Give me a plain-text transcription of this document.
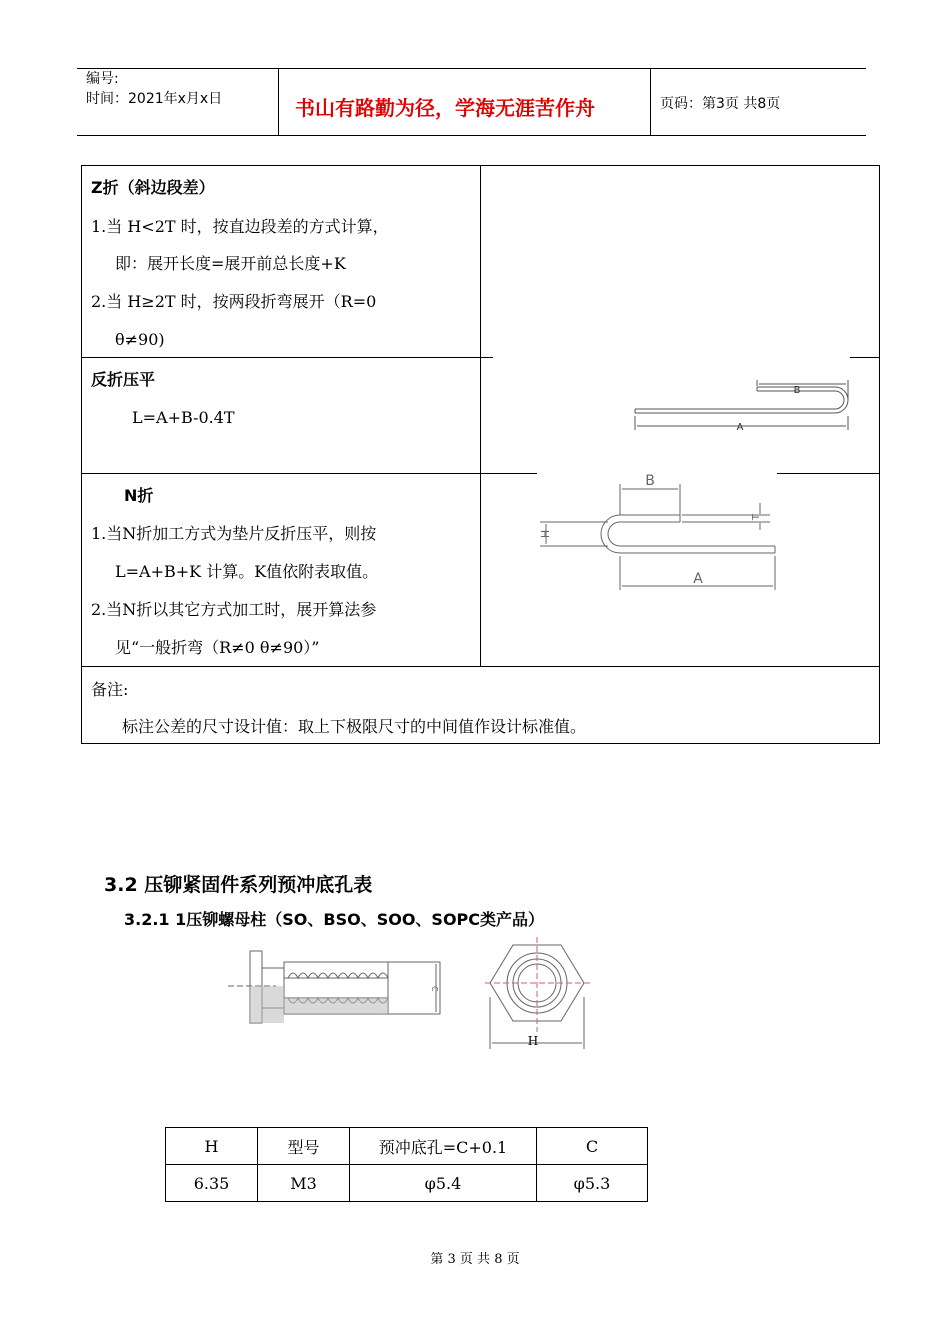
编号:
时间：2021年x月x日	书山有路勤为径，学海无涯苦作舟	页码：第3页 共8页
Z折（斜边段差）
1.当 H<2T 时，按直边段差的方式计算，
即：展开长度=展开前总长度+K
2.当 H≥2T 时，按两段折弯展开（R=0
θ≠90)
反折压平
L=A+B-0.4T
B
A
N折
1.当N折加工方式为垫片反折压平，则按
L=A+B+K 计算。K值依附表取值。
2.当N折以其它方式加工时，展开算法参
见“一般折弯（R≠0 θ≠90）”
B
A
H
T
备注:
标注公差的尺寸设计值：取上下极限尺寸的中间值作设计标准值。
3.2 压铆紧固件系列预冲底孔表
3.2.1 1压铆螺母柱（SO、BSO、SOO、SOPC类产品）
C
H
H	型号	预冲底孔=C+0.1	C
6.35	M3	φ5.4	φ5.3
第 3 页 共 8 页
